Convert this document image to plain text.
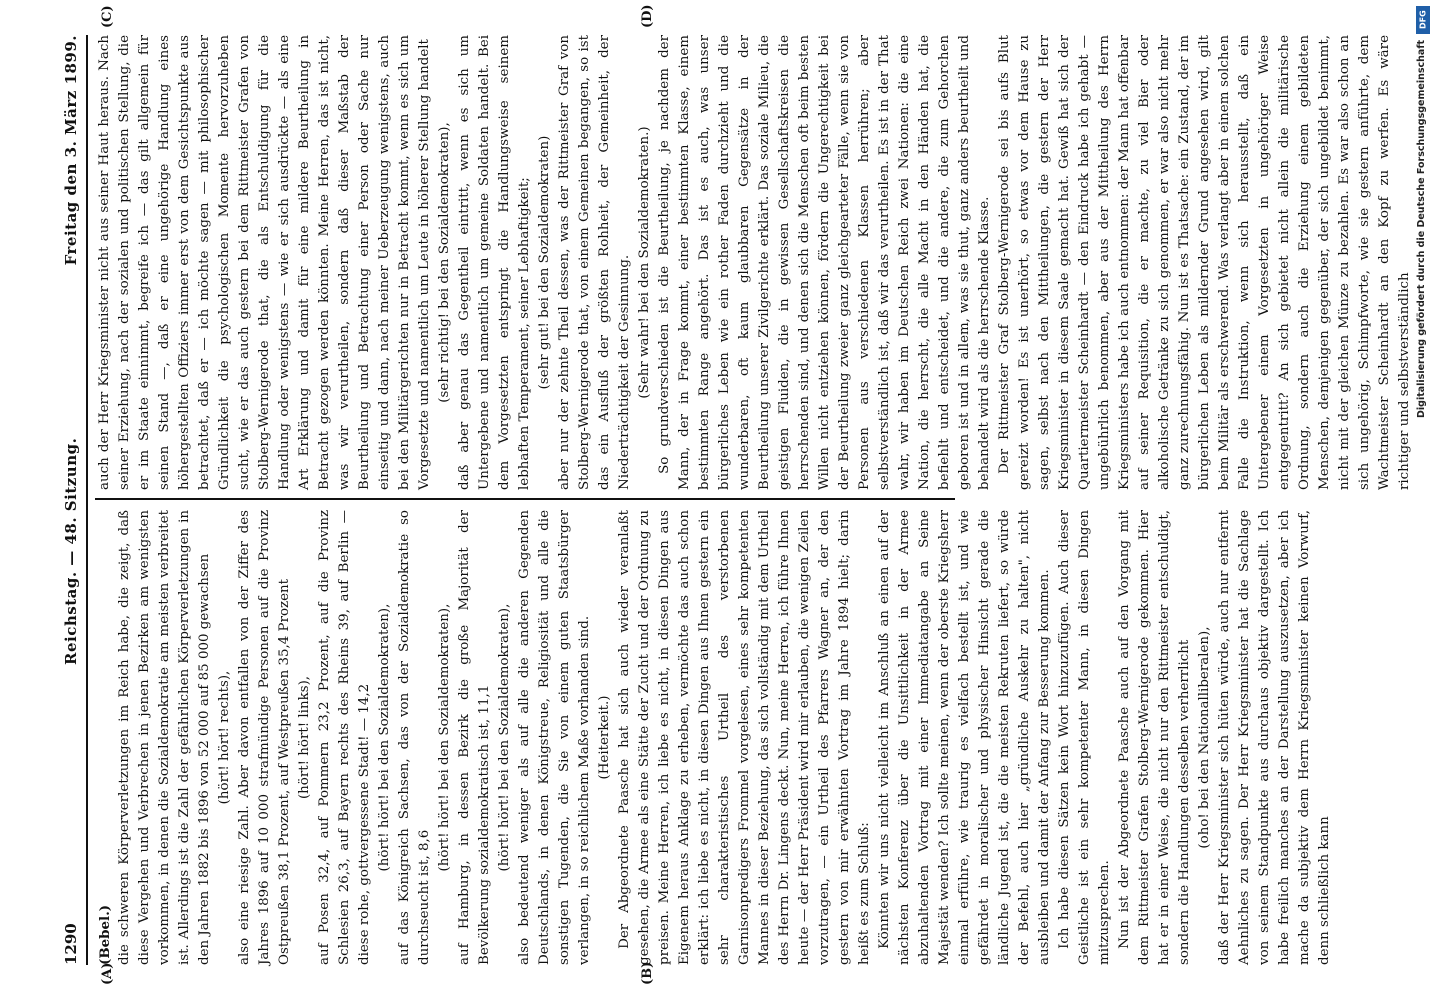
1290
Reichstag. — 48. Sitzung.
Freitag den 3. März 1899.
(A)	(B)
(C)	(D)

(Bebel.) die schweren Körperverletzungen im Reich habe, die zeigt, daß diese Vergehen und Verbrechen in jenen Bezirken am wenigsten vorkommen, in denen die Sozialdemokratie am meisten verbreitet ist. Allerdings ist die Zahl der gefährlichen Körperverletzungen in den Jahren 1882 bis 1896 von 52 000 auf 85 000 gewachsen (hört! hört! rechts), also eine riesige Zahl. Aber davon entfallen von der Ziffer des Jahres 1896 auf 10 000 strafmündige Personen auf die Provinz Ostpreußen 38,1 Prozent, auf Westpreußen 35,4 Prozent (hört! hört! links), auf Posen 32,4, auf Pommern 23,2 Prozent, auf die Provinz Schlesien 26,3, auf Bayern rechts des Rheins 39, auf Berlin — diese rohe, gottvergessene Stadt! — 14,2 (hört! hört! bei den Sozialdemokraten), auf das Königreich Sachsen, das von der Sozialdemokratie so durchseucht ist, 8,6

(hört! hört! bei den Sozialdemokraten), auf Hamburg, in dessen Bezirk die große Majorität der Bevölkerung sozialdemokratisch ist, 11,1 (hört! hört! bei den Sozialdemokraten), also bedeutend weniger als auf alle die anderen Gegenden Deutschlands, in denen Königstreue, Religiosität und alle die sonstigen Tugenden, die Sie von einem guten Staatsbürger verlangen, in so reichlichem Maße vorhanden sind. (Heiterkeit.) Der Abgeordnete Paasche hat sich auch wieder veranlaßt gesehen, die Armee als eine Stätte der Zucht und der Ordnung zu preisen. Meine Herren, ich liebe es nicht, in diesen Dingen aus Eigenem heraus Anklage zu erheben, vermöchte das auch schon erklärt: ich liebe es nicht, in diesen Dingen aus Ihnen gestern ein sehr charakteristisches Urtheil des verstorbenen Garnisonpredigers Frommel vorgelesen, eines sehr kompetenten Mannes in dieser Beziehung, das sich vollständig mit dem Urtheil des Herrn Dr. Lingens deckt. Nun, meine Herren, ich führe Ihnen heute — der Herr Präsident wird mir erlauben, die wenigen Zeilen vorzutragen, — ein Urtheil des Pfarrers Wagner an, der den gestern von mir erwähnten Vortrag im Jahre 1894 hielt; darin heißt es zum Schluß: Könnten wir uns nicht vielleicht im Anschluß an einen auf der nächsten Konferenz über die Unsittlichkeit in der Armee abzuhaltenden Vortrag mit einer Immediatangabe an Seine Majestät wenden? Ich sollte meinen, wenn der oberste Kriegsherr einmal erführe, wie traurig es vielfach bestellt ist, und wie gefährdet in moralischer und physischer Hinsicht gerade die ländliche Jugend ist, die die meisten Rekruten liefert, so würde der Befehl, auch hier „gründliche Auskehr zu halten", nicht ausbleiben und damit der Anfang zur Besserung kommen. Ich habe diesen Sätzen kein Wort hinzuzufügen. Auch dieser Geistliche ist ein sehr kompetenter Mann, in diesen Dingen mitzusprechen. Nun ist der Abgeordnete Paasche auch auf den Vorgang mit dem Rittmeister Grafen Stolberg-Wernigerode gekommen. Hier hat er in einer Weise, die nicht nur den Rittmeister entschuldigt, sondern die Handlungen desselben verherrlicht (oho! bei den Nationalliberalen), daß der Herr Kriegsminister sich hüten würde, auch nur entfernt Aehnliches zu sagen. Der Herr Kriegsminister hat die Sachlage von seinem Standpunkte aus durchaus objektiv dargestellt. Ich habe freilich manches an der Darstellung auszusetzen, aber ich mache da subjektiv dem Herrn Kriegsminister keinen Vorwurf, denn schließlich kann

auch der Herr Kriegsminister nicht aus seiner Haut heraus. Nach seiner Erziehung, nach der sozialen und politischen Stellung, die er im Staate einnimmt, begreife ich — das gilt allgemein für seinen Stand —, daß er eine ungehörige Handlung eines höhergestellten Offiziers immer erst von dem Gesichtspunkte aus betrachtet, daß er — ich möchte sagen — mit philosophischer Gründlichkeit die psychologischen Momente hervorzuheben sucht, wie er das auch gestern bei dem Rittmeister Grafen von Stolberg-Wernigerode that, die als Entschuldigung für die Handlung oder wenigstens — wie er sich ausdrückte — als eine Art Erklärung und damit für eine mildere Beurtheilung in Betracht gezogen werden könnten. Meine Herren, das ist nicht, was wir verurtheilen, sondern daß dieser Maßstab der Beurtheilung und Betrachtung einer Person oder Sache nur einseitig und dann, nach meiner Ueberzeugung wenigstens, auch bei den Militärgerichten nur in Betracht kommt, wenn es sich um Vorgesetzte und namentlich um Leute in höherer Stellung handelt (sehr richtig! bei den Sozialdemokraten), daß aber genau das Gegentheil eintritt, wenn es sich um Untergebene und namentlich um gemeine Soldaten handelt. Bei dem Vorgesetzten entspringt die Handlungsweise seinem lebhaften Temperament, seiner Lebhaftigkeit; (sehr gut! bei den Sozialdemokraten) aber nur der zehnte Theil dessen, was der Rittmeister Graf von Stolberg-Wernigerode that, von einem Gemeinen begangen, so ist das ein Ausfluß der größten Rohheit, der Gemeinheit, der Niederträchtigkeit der Gesinnung. (Sehr wahr! bei den Sozialdemokraten.) So grundverschieden ist die Beurtheilung, je nachdem der Mann, der in Frage kommt, einer bestimmten Klasse, einem bestimmten Range angehört. Das ist es auch, was unser bürgerliches Leben wie ein rother Faden durchzieht und die wunderbaren, oft kaum glaubbaren Gegensätze in der Beurtheilung unserer Zivilgerichte erklärt. Das soziale Milieu, die geistigen Fluiden, die in gewissen Gesellschaftskreisen die herrschenden sind, und denen sich die Menschen oft beim besten Willen nicht entziehen können, fördern die Ungerechtigkeit bei der Beurtheilung zweier ganz gleichgearteter Fälle, wenn sie von Personen aus verschiedenen Klassen herrühren; aber selbstverständlich ist, daß wir das verurtheilen. Es ist in der That wahr, wir haben im Deutschen Reich zwei Nationen: die eine Nation, die herrscht, die alle Macht in den Händen hat, die befiehlt und entscheidet, und die andere, die zum Gehorchen geboren ist und in allem, was sie thut, ganz anders beurtheilt und behandelt wird als die herrschende Klasse. Der Rittmeister Graf Stolberg-Wernigerode sei bis aufs Blut gereizt worden! Es ist unerhört, so etwas vor dem Hause zu sagen, selbst nach den Mittheilungen, die gestern der Herr Kriegsminister in diesem Saale gemacht hat. Gewiß hat sich der Quartiermeister Scheinhardt — den Eindruck habe ich gehabt — ungebührlich benommen, aber aus der Mittheilung des Herrn Kriegsministers habe ich auch entnommen: der Mann hat offenbar auf seiner Requisition, die er machte, zu viel Bier oder alkoholische Getränke zu sich genommen, er war also nicht mehr ganz zurechnungsfähig. Nun ist es Thatsache: ein Zustand, der im bürgerlichen Leben als mildernder Grund angesehen wird, gilt beim Militär als erschwerend. Was verlangt aber in einem solchen Falle die Instruktion, wenn sich herausstellt, daß ein Untergebener einem Vorgesetzten in ungehöriger Weise entgegentritt? An sich gebietet nicht allein die militärische Ordnung, sondern auch die Erziehung einem gebildeten Menschen, demjenigen gegenüber, der sich ungebildet benimmt, nicht mit der gleichen Münze zu bezahlen. Es war also schon an sich ungehörig, Schimpfworte, wie sie gestern anführte, dem Wachtmeister Scheinhardt an den Kopf zu werfen. Es wäre richtiger und selbstverständlich

DFG
Digitalisierung gefördert durch die Deutsche Forschungsgemeinschaft
